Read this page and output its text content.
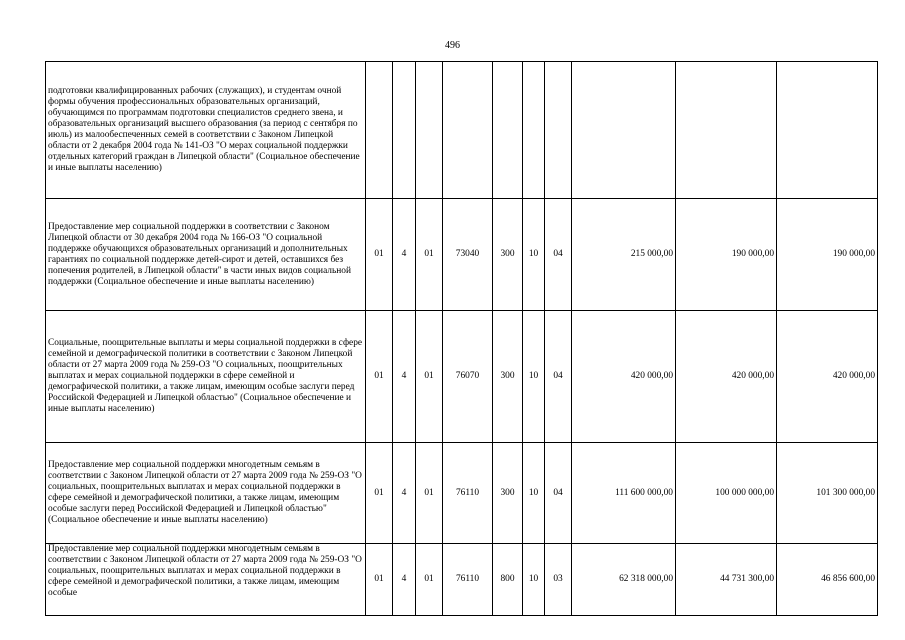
496
подготовки квалифицированных рабочих (служащих), и студентам очной формы обучения профессиональных образовательных организаций, обучающимся по программам подготовки специалистов среднего звена, и образовательных организаций высшего образования (за период с сентября по июль) из малообеспеченных семей в соответствии с Законом Липецкой области от 2 декабря 2004 года № 141-ОЗ "О мерах социальной поддержки отдельных категорий граждан в Липецкой области" (Социальное обеспечение и иные выплаты населению)										
Предоставление мер социальной поддержки в соответствии с Законом Липецкой области от 30 декабря 2004 года № 166-ОЗ "О социальной поддержке обучающихся образовательных организаций и дополнительных гарантиях по социальной поддержке детей-сирот и детей, оставшихся без попечения родителей, в Липецкой области" в части иных видов социальной поддержки (Социальное обеспечение и иные выплаты населению)	01	4	01	73040	300	10	04	215 000,00	190 000,00	190 000,00
Социальные, поощрительные выплаты и меры социальной поддержки в сфере семейной и демографической политики в соответствии с Законом Липецкой области от 27 марта 2009 года № 259-ОЗ "О социальных, поощрительных выплатах и мерах социальной поддержки в сфере семейной и демографической политики, а также лицам, имеющим особые заслуги перед Российской Федерацией и Липецкой областью" (Социальное обеспечение и иные выплаты населению)	01	4	01	76070	300	10	04	420 000,00	420 000,00	420 000,00
Предоставление мер социальной поддержки многодетным семьям в соответствии с Законом Липецкой области от 27 марта 2009 года № 259-ОЗ "О социальных, поощрительных выплатах и мерах социальной поддержки в сфере семейной и демографической политики, а также лицам, имеющим особые заслуги перед Российской Федерацией и Липецкой областью" (Социальное обеспечение и иные выплаты населению)	01	4	01	76110	300	10	04	111 600 000,00	100 000 000,00	101 300 000,00

Предоставление мер социальной поддержки многодетным семьям в соответствии с Законом Липецкой области от 27 марта 2009 года № 259-ОЗ "О социальных, поощрительных выплатах и мерах социальной поддержки в сфере семейной и демографической политики, а также лицам, имеющим особые	01	4	01	76110	800	10	03	62 318 000,00	44 731 300,00	46 856 600,00
